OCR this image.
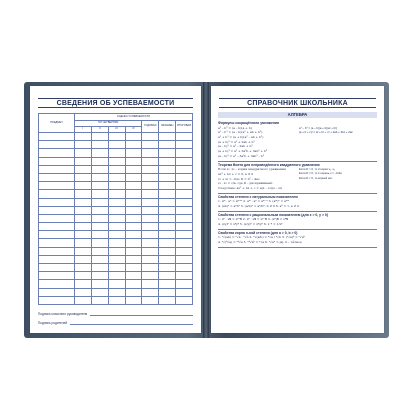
СВЕДЕНИЯ ОБ УСПЕВАЕМОСТИ
ПРЕДМЕТ	ОЦЕНКА УСПЕВАЕМОСТИ						
	ПО ЧЕТВЕРТЯМ				ГОДОВАЯ	ЭКЗАМЕН	ИТОГОВАЯ
	I	II	III	IV			

Подпись классного руководителя
Подпись родителей
СПРАВОЧНИК ШКОЛЬНИКА
АЛГЕБРА
Формулы сокращённого умножения
a² – b² = (a – b)(a + b)
a³ – b³ = (a – b)(a² + ab + b²)
a³ + b³ = (a + b)(a² – ab + b²)
(a + b)² = a² + 2ab + b²
(a – b)² = a² – 2ab + b²
(a + b)³ = a³ + 3a²b + 3ab² + b³
(a – b)³ = a³ – 3a²b + 3ab² – b³
a⁴ – b⁴ = (a – b)(a + b)(a² + b²)
(a + b + c)² = a² + b² + c² + 2ab + 2bc + 2ac
Теорема Виета для неприведённого квадратного уравнения
Если x₁, x₂ – корни квадратного уравнения
ax² + bx + c = 0, a ≠ 0
x₁ + x₂ = –b/a; D = b² – 4ac
x₁ · x₂ = c/a, где D – дискриминант.
Следствие: ax² + bx + c = a(x – x₁)(x – x₂)
Если D > 0, то 2 корня x₁, x₂
Если D = 0, то 1 корень x = –b/2a
Если D < 0, то корней нет.
Свойства степени с натуральным показателем
1. aᵐ · aⁿ = aᵐ⁺ⁿ 2. aᵐ : aⁿ = aᵐ⁻ⁿ 3. (aᵐ)ⁿ = aᵐⁿ
4. (ab)ⁿ = aⁿbⁿ 5. (a/b)ⁿ = aⁿ/bⁿ, b ≠ 0 6. a⁰ = 1, a ≠ 0
Свойства степени с рациональным показателем (для x > 0, y > 0)
1. xᵖ · xᑫ = xᵖ⁺ᑫ 2. xᵖ : xᑫ = xᵖ⁻ᑫ 3. (xᵖ)ᑫ = xᵖᑫ
4. (xy)ᵖ = xᵖyᵖ 5. (x/y)ᵖ = xᵖ/yᵖ 6. x⁻ᵖ = 1/xᵖ
Свойства корня n-ной степени (для a > 0, b > 0)
1. ⁿ√(ab) = ⁿ√a · ⁿ√b 2. ⁿ√(a/b) = ⁿ√a / ⁿ√b 3. (ⁿ√a)ᵏ = ⁿ√aᵏ
4. ⁿ√(ᵏ√a) = ⁿᵏ√a 5. ⁿᵏ√aᵏ = ⁿ√a 6. ⁿ√aⁿ = |a|, n – чётное
